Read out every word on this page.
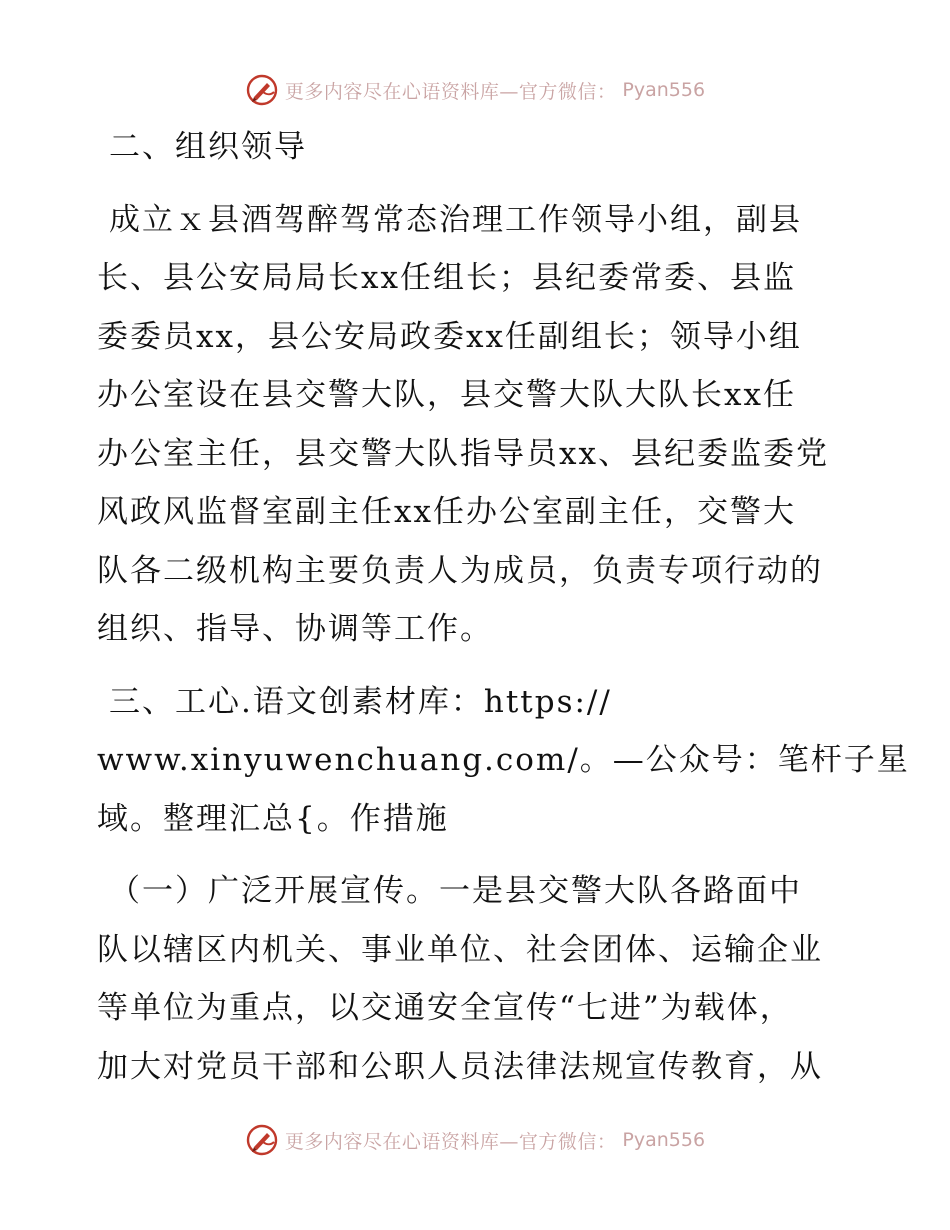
更多内容尽在心语资料库—官方微信： Pyan556
二、组织领导
成立ｘ县酒驾醉驾常态治理工作领导小组，副县
长、县公安局局长xx任组长；县纪委常委、县监
委委员xx，县公安局政委xx任副组长；领导小组
办公室设在县交警大队，县交警大队大队长xx任
办公室主任，县交警大队指导员xx、县纪委监委党
风政风监督室副主任xx任办公室副主任，交警大
队各二级机构主要负责人为成员，负责专项行动的
组织、指导、协调等工作。
三、工心.语文创素材库：https://
www.xinyuwenchuang.com/。—公众号：笔杆子星
域。整理汇总{。作措施
（一）广泛开展宣传。一是县交警大队各路面中
队以辖区内机关、事业单位、社会团体、运输企业
等单位为重点，以交通安全宣传“七进”为载体，
加大对党员干部和公职人员法律法规宣传教育，从
更多内容尽在心语资料库—官方微信： Pyan556
